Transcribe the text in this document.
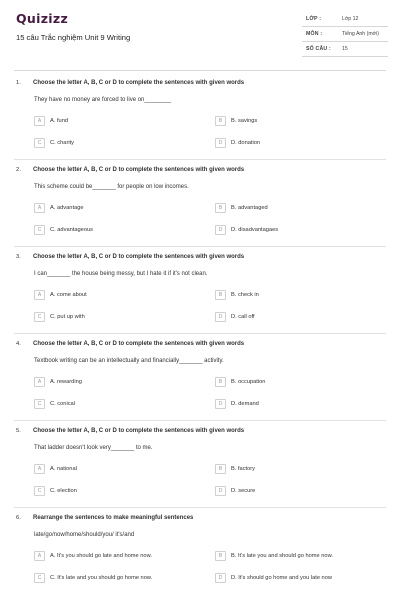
Quizizz
15 câu Trắc nghiệm Unit 9 Writing
LỚP :	Lớp 12
MÔN :	Tiếng Anh (mới)
SỐ CÂU : 15
1. Choose the letter A, B, C or D to complete the sentences with given words
They have no money are forced to live on________
A	A. fund	B	B. savings
C	C. charity	D	D. donation
2. Choose the letter A, B, C or D to complete the sentences with given words
This scheme could be_______ for people on low incomes.
A	A. advantage	B	B. advantaged
C	C. advantageous	D	D. disadvantagaes
3. Choose the letter A, B, C or D to complete the sentences with given words
I can_______ the house being messy, but I hate it if it's not clean.
A	A. come about	B	B. check in
C	C. put up with	D	D. call off
4. Choose the letter A, B, C or D to complete the sentences with given words
Textbook writing can be an intellectually and financially_______ activity.
A	A. rewarding	B	B. occupation
C	C. conical	D	D. demand
5. Choose the letter A, B, C or D to complete the sentences with given words
That ladder doesn't look very_______ to me.
A	A. national	B	B. factory
C	C. election	D	D. secure
6. Rearrange the sentences to make meaningful sentences
late/go/now/home/should/you/ it's/and
A	A. It's you should go late and home now.	B	B. It's late you and should go home now.
C	C. It's late and you should go home now.	D	D. It's should go home and you late now
